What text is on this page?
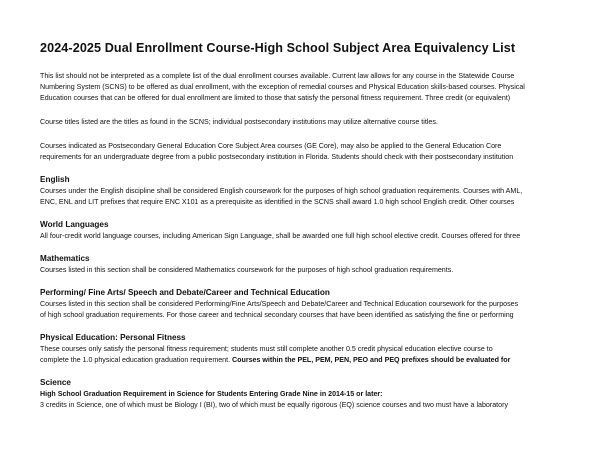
2024-2025 Dual Enrollment Course-High School Subject Area Equivalency List
This list should not be interpreted as a complete list of the dual enrollment courses available. Current law allows for any course in the Statewide Course
Numbering System (SCNS) to be offered as dual enrollment, with the exception of remedial courses and Physical Education skills-based courses. Physical
Education courses that can be offered for dual enrollment are limited to those that satisfy the personal fitness requirement. Three credit (or equivalent)
Course titles listed are the titles as found in the SCNS; individual postsecondary institutions may utilize alternative course titles.
Courses indicated as Postsecondary General Education Core Subject Area courses (GE Core), may also be applied to the General Education Core
requirements for an undergraduate degree from a public postsecondary institution in Florida. Students should check with their postsecondary institution
English
Courses under the English discipline shall be considered English coursework for the purposes of high school graduation requirements. Courses with AML,
ENC, ENL and LIT prefixes that require ENC X101 as a prerequisite as identified in the SCNS shall award 1.0 high school English credit. Other courses
World Languages
All four-credit world language courses, including American Sign Language, shall be awarded one full high school elective credit. Courses offered for three
Mathematics
Courses listed in this section shall be considered Mathematics coursework for the purposes of high school graduation requirements.
Performing/ Fine Arts/ Speech and Debate/Career and Technical Education
Courses listed in this section shall be considered Performing/Fine Arts/Speech and Debate/Career and Technical Education coursework for the purposes
of high school graduation requirements. For those career and technical secondary courses that have been identified as satisfying the fine or performing
Physical Education: Personal Fitness
These courses only satisfy the personal fitness requirement; students must still complete another 0.5 credit physical education elective course to
complete the 1.0 physical education graduation requirement. Courses within the PEL, PEM, PEN, PEO and PEQ prefixes should be evaluated for
Science
High School Graduation Requirement in Science for Students Entering Grade Nine in 2014-15 or later:
3 credits in Science, one of which must be Biology I (BI), two of which must be equally rigorous (EQ) science courses and two must have a laboratory
